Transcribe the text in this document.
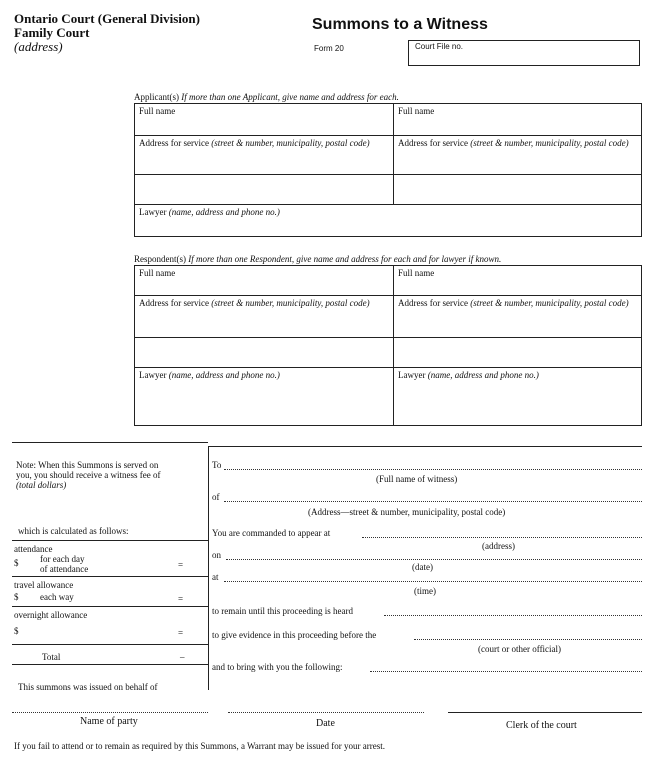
Ontario Court (General Division)
Family Court
(address)
Summons to a Witness
Form 20	Court File no.
Applicant(s) If more than one Applicant, give name and address for each.
Full name	Full name
Address for service (street & number, municipality, postal code)	Address for service (street & number, municipality, postal code)

Lawyer (name, address and phone no.)	
Respondent(s) If more than one Respondent, give name and address for each and for lawyer if known.
Full name	Full name
Address for service (street & number, municipality, postal code)	Address for service (street & number, municipality, postal code)

Lawyer (name, address and phone no.)	Lawyer (name, address and phone no.)
Note: When this Summons is served on
you, you should receive a witness fee of
(total dollars)
which is calculated as follows:
attendance
$ for each day
of attendance	=
travel allowance
$ each way	=
overnight allowance
$	=
Total	–
This summons was issued on behalf of
To
(Full name of witness)
of
(Address—street & number, municipality, postal code)
You are commanded to appear at
(address)
on
(date)
at
(time)
to remain until this proceeding is heard
to give evidence in this proceeding before the
(court or other official)
and to bring with you the following:
Name of party	Date	Clerk of the court
If you fail to attend or to remain as required by this Summons, a Warrant may be issued for your arrest.
